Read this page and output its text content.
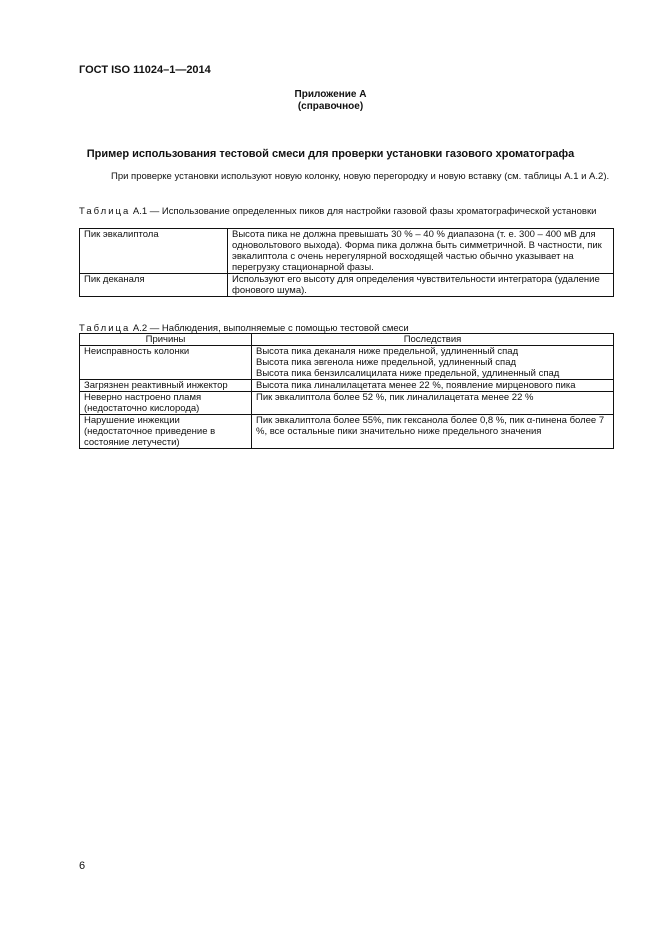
ГОСТ ISO 11024–1—2014
Приложение А
(справочное)
Пример использования тестовой смеси для проверки установки газового хроматографа
При проверке установки используют новую колонку, новую перегородку и новую вставку (см. таблицы А.1 и А.2).
Таблица А.1 — Использование определенных пиков для настройки газовой фазы хроматографической установки
Пик эвкалиптола	Высота пика не должна превышать 30 % – 40 % диапазона (т. е. 300 – 400 мВ для одновольтового выхода). Форма пика должна быть симметричной. В частности, пик эвкалиптола с очень нерегулярной восходящей частью обычно указывает на перегрузку стационарной фазы.
Пик деканаля	Используют его высоту для определения чувствительности интегратора (удаление фонового шума).
Таблица А.2 — Наблюдения, выполняемые с помощью тестовой смеси
Причины	Последствия
Неисправность колонки	Высота пика деканаля ниже предельной, удлиненный спад
Высота пика эвгенола ниже предельной, удлиненный спад
Высота пика бензилсалицилата ниже предельной, удлиненный спад
Загрязнен реактивный инжектор	Высота пика линалилацетата менее 22 %, появление мирценового пика
Неверно настроено пламя (недостаточно кислорода)	Пик эвкалиптола более 52 %, пик линалилацетата менее 22 %
Нарушение инжекции (недостаточное приведение в состояние летучести)	Пик эвкалиптола более 55%, пик гексанола более 0,8 %, пик α-пинена более 7 %, все остальные пики значительно ниже предельного значения
6
